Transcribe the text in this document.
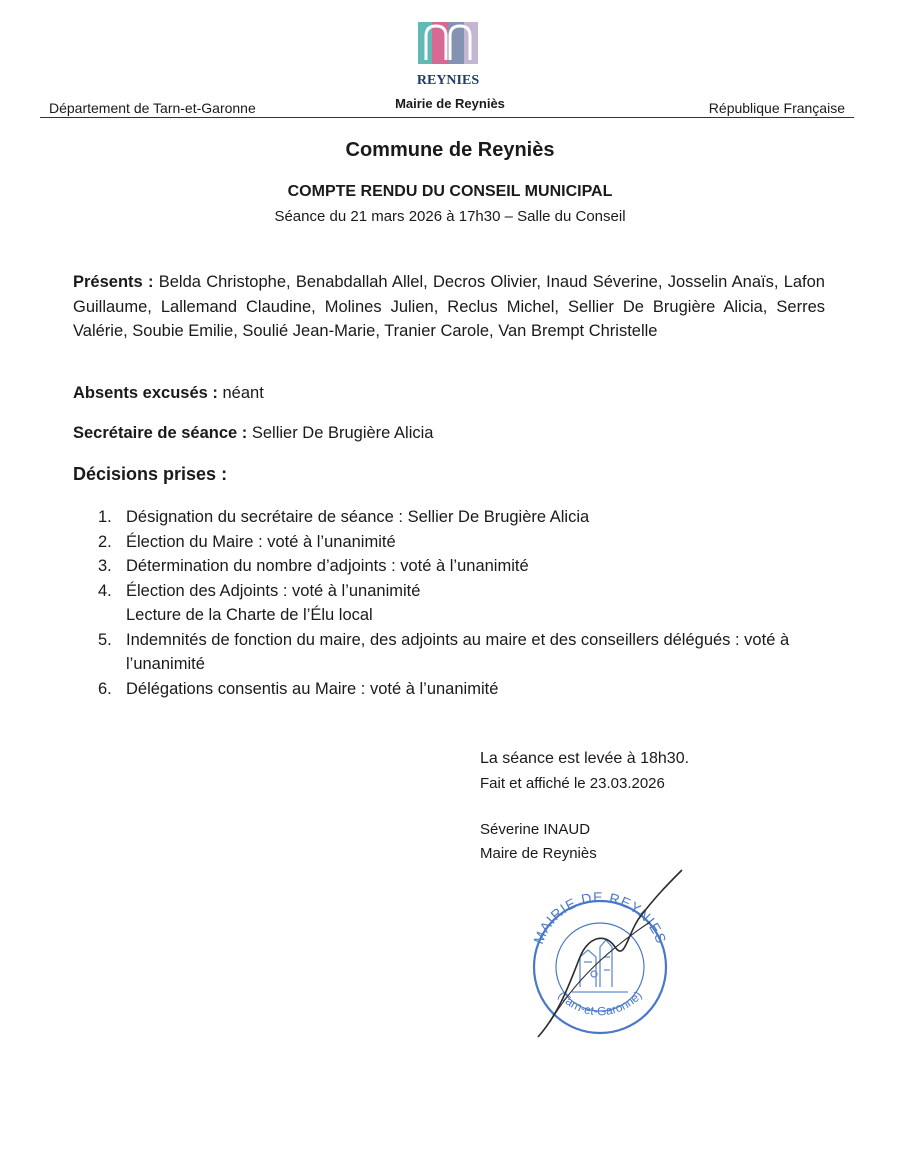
REYNIES
Département de Tarn-et-Garonne	Mairie de Reyniès	République Française
Commune de Reyniès
COMPTE RENDU DU CONSEIL MUNICIPAL
Séance du 21 mars 2026 à 17h30 – Salle du Conseil

Présents : Belda Christophe, Benabdallah Allel, Decros Olivier, Inaud Séverine, Josselin Anaïs, Lafon Guillaume, Lallemand Claudine, Molines Julien, Reclus Michel, Sellier De Brugière Alicia, Serres Valérie, Soubie Emilie, Soulié Jean-Marie, Tranier Carole, Van Brempt Christelle

Absents excusés : néant
Secrétaire de séance : Sellier De Brugière Alicia
Décisions prises :
1. Désignation du secrétaire de séance : Sellier De Brugière Alicia
2. Élection du Maire : voté à l’unanimité
3. Détermination du nombre d’adjoints : voté à l’unanimité
4. Élection des Adjoints : voté à l’unanimité
Lecture de la Charte de l’Élu local
5. Indemnités de fonction du maire, des adjoints au maire et des conseillers délégués : voté à l’unanimité
6. Délégations consentis au Maire : voté à l’unanimité
La séance est levée à 18h30.
Fait et affiché le 23.03.2026
Séverine INAUD
Maire de Reyniès
MAIRIE DE REYNIES
(Tarn-et-Garonne)
